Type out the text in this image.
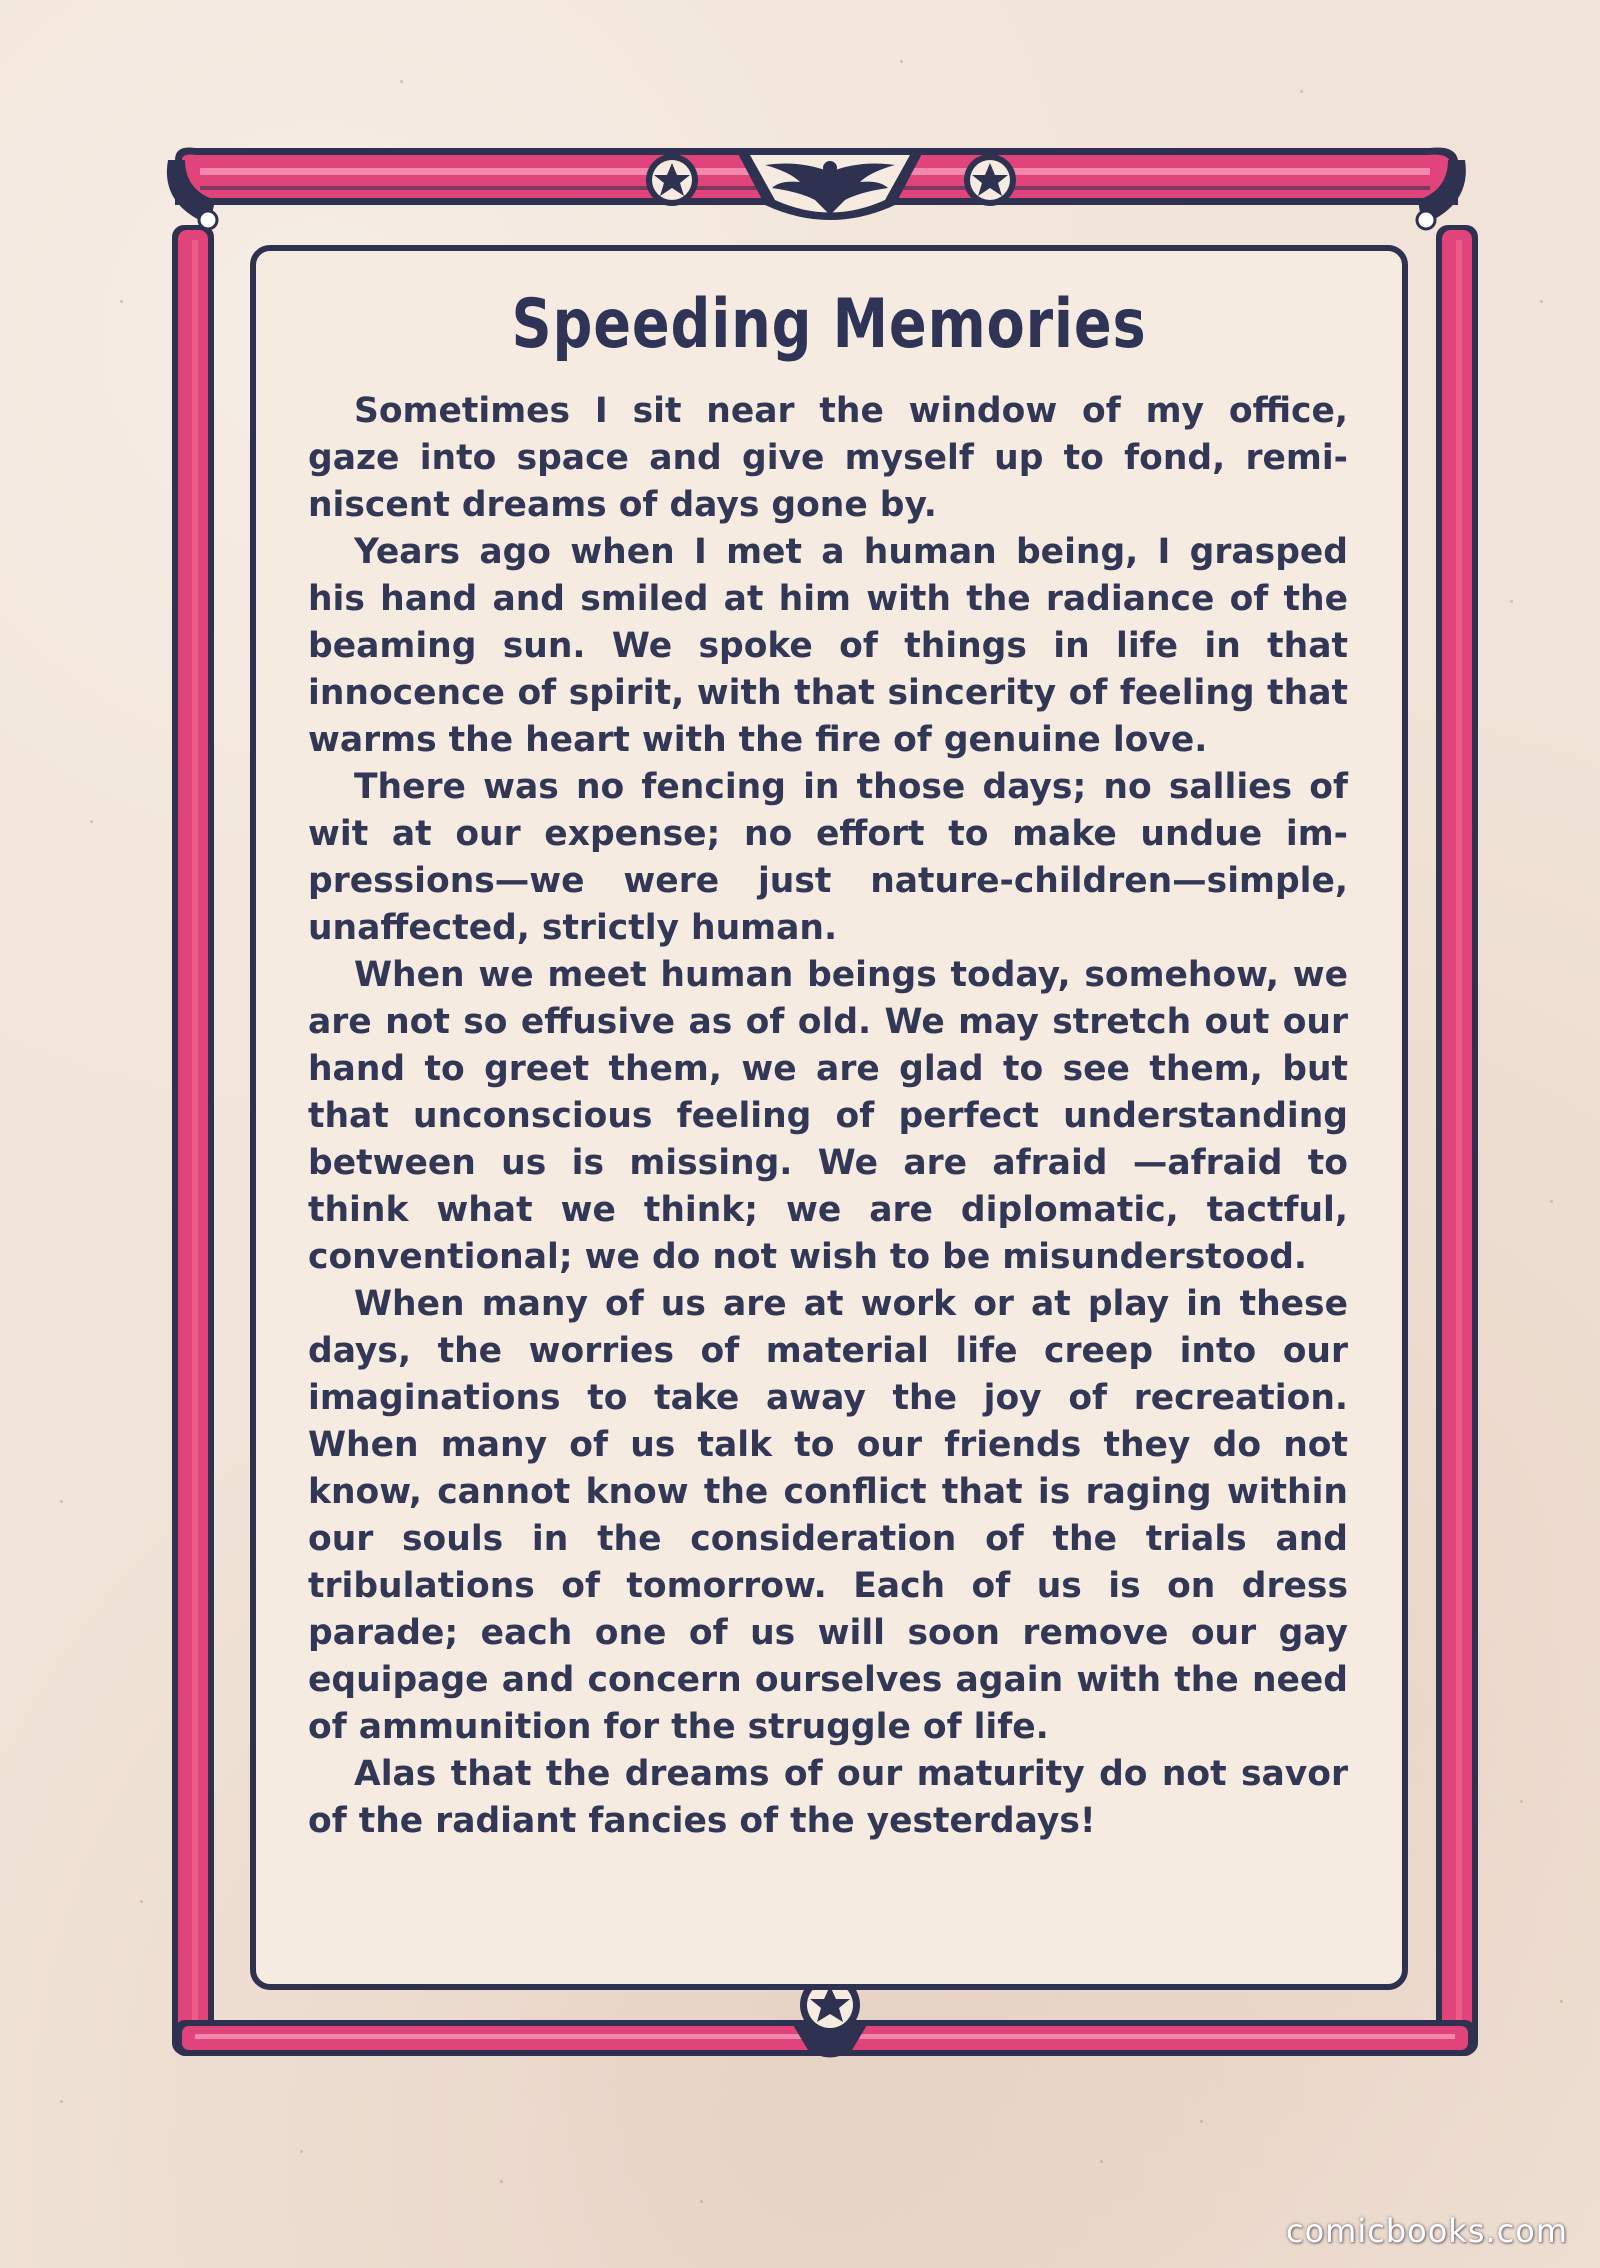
Speeding Memories

Sometimes I sit near the window of my office, gaze into space and give myself up to fond, reminiscent dreams of days gone by.

Years ago when I met a human being, I grasped his hand and smiled at him with the radiance of the beaming sun. We spoke of things in life in that innocence of spirit, with that sincerity of feeling that warms the heart with the fire of genuine love.

There was no fencing in those days; no sallies of wit at our expense; no effort to make undue impressions—we were just nature-children—simple, unaffected, strictly human.

When we meet human beings today, somehow, we are not so effusive as of old. We may stretch out our hand to greet them, we are glad to see them, but that unconscious feeling of perfect understanding between us is missing. We are afraid —afraid to think what we think; we are diplomatic, tactful, conventional; we do not wish to be misunderstood.

When many of us are at work or at play in these days, the worries of material life creep into our imaginations to take away the joy of recreation. When many of us talk to our friends they do not know, cannot know the conflict that is raging within our souls in the consideration of the trials and tribulations of tomorrow. Each of us is on dress parade; each one of us will soon remove our gay equipage and concern ourselves again with the need of ammunition for the struggle of life.

Alas that the dreams of our maturity do not savor of the radiant fancies of the yesterdays!

comicbooks.com
